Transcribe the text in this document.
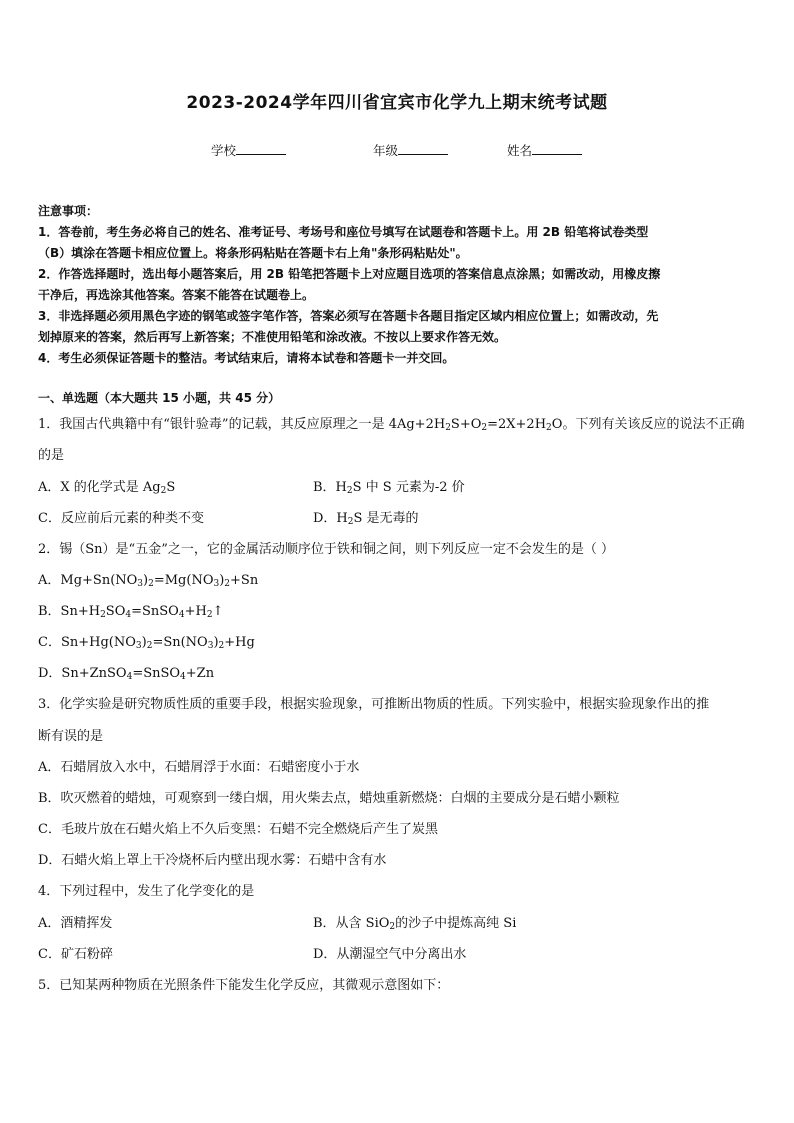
2023-2024学年四川省宜宾市化学九上期末统考试题
学校	年级	姓名
注意事项：
1．答卷前，考生务必将自己的姓名、准考证号、考场号和座位号填写在试题卷和答题卡上。用 2B 铅笔将试卷类型
（B）填涂在答题卡相应位置上。将条形码粘贴在答题卡右上角"条形码粘贴处"。
2．作答选择题时，选出每小题答案后，用 2B 铅笔把答题卡上对应题目选项的答案信息点涂黑；如需改动，用橡皮擦
干净后，再选涂其他答案。答案不能答在试题卷上。
3．非选择题必须用黑色字迹的钢笔或签字笔作答，答案必须写在答题卡各题目指定区域内相应位置上；如需改动，先
划掉原来的答案，然后再写上新答案；不准使用铅笔和涂改液。不按以上要求作答无效。
4．考生必须保证答题卡的整洁。考试结束后，请将本试卷和答题卡一并交回。
一、单选题（本大题共 15 小题，共 45 分）
1．我国古代典籍中有“银针验毒”的记载，其反应原理之一是 $4Ag+2H_2S+O_2=2X+2H_2O$。下列有关该反应的说法不正确
的是
A．X 的化学式是 $Ag_2S$	B．$H_2S$ 中 S 元素为-2 价
C．反应前后元素的种类不变	D．$H_2S$ 是无毒的
2．锡（Sn）是“五金”之一，它的金属活动顺序位于铁和铜之间，则下列反应一定不会发生的是（ ）
A．$Mg+Sn(NO_3)_2=Mg(NO_3)_2+Sn$
B．$Sn+H_2SO_4=SnSO_4+H_2↑$
C．$Sn+Hg(NO_3)_2=Sn(NO_3)_2+Hg$
D．Sn+ZnSO$_4$=SnSO$_4$+Zn
3．化学实验是研究物质性质的重要手段，根据实验现象，可推断出物质的性质。下列实验中，根据实验现象作出的推
断有误的是
A．石蜡屑放入水中，石蜡屑浮于水面：石蜡密度小于水
B．吹灭燃着的蜡烛，可观察到一缕白烟，用火柴去点，蜡烛重新燃烧：白烟的主要成分是石蜡小颗粒
C．毛玻片放在石蜡火焰上不久后变黑：石蜡不完全燃烧后产生了炭黑
D．石蜡火焰上罩上干冷烧杯后内壁出现水雾：石蜡中含有水
4．下列过程中，发生了化学变化的是
A．酒精挥发	B．从含 SiO$_2$的沙子中提炼高纯 Si
C．矿石粉碎	D．从潮湿空气中分离出水
5．已知某两种物质在光照条件下能发生化学反应，其微观示意图如下：
